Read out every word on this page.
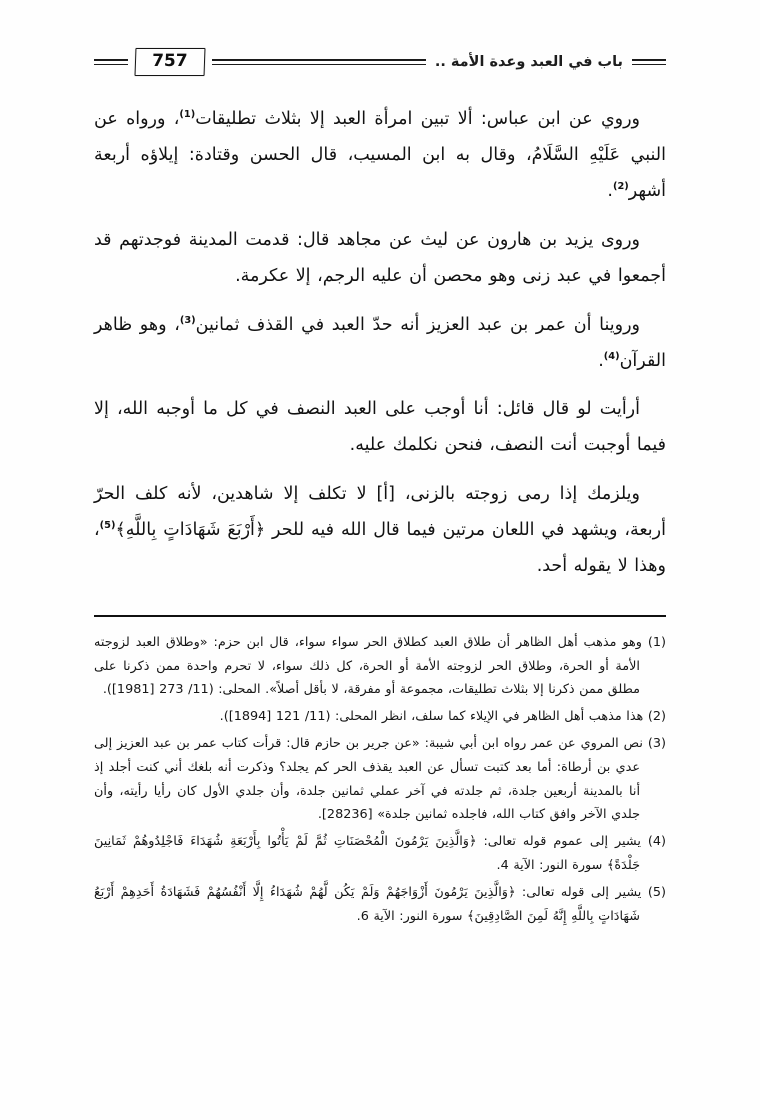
باب في العبد وعدة الأمة ..
757

وروي عن ابن عباس: ألا تبين امرأة العبد إلا بثلاث تطليقات$^{(1)}$، ورواه عن النبي عَلَيْهِ السَّلَامُ، وقال به ابن المسيب، قال الحسن وقتادة: إيلاؤه أربعة أشهر$^{(2)}$.

وروى يزيد بن هارون عن ليث عن مجاهد قال: قدمت المدينة فوجدتهم قد أجمعوا في عبد زنى وهو محصن أن عليه الرجم، إلا عكرمة.

وروينا أن عمر بن عبد العزيز أنه حدّ العبد في القذف ثمانين$^{(3)}$، وهو ظاهر القرآن$^{(4)}$.

أرأيت لو قال قائل: أنا أوجب على العبد النصف في كل ما أوجبه الله، إلا فيما أوجبت أنت النصف، فنحن نكلمك عليه.

ويلزمك إذا رمى زوجته بالزنى، [أ] لا تكلف إلا شاهدين، لأنه كلف الحرّ أربعة، ويشهد في اللعان مرتين فيما قال الله فيه للحر ﴿أَرْبَعَ شَهَادَاتٍ بِاللَّهِ﴾$^{(5)}$، وهذا لا يقوله أحد.

(1) وهو مذهب أهل الظاهر أن طلاق العبد كطلاق الحر سواء سواء، قال ابن حزم: «وطلاق العبد لزوجته الأمة أو الحرة، وطلاق الحر لزوجته الأمة أو الحرة، كل ذلك سواء، لا تحرم واحدة ممن ذكرنا على مطلق ممن ذكرنا إلا بثلاث تطليقات، مجموعة أو مفرقة، لا بأقل أصلاً». المحلى: (11/ 273 [1981]).

(2) هذا مذهب أهل الظاهر في الإيلاء كما سلف، انظر المحلى: (11/ 121 [1894]).

(3) نص المروي عن عمر رواه ابن أبي شيبة: «عن جرير بن حازم قال: قرأت كتاب عمر بن عبد العزيز إلى عدي بن أرطاة: أما بعد كتبت تسأل عن العبد يقذف الحر كم يجلد؟ وذكرت أنه بلغك أني كنت أجلد إذ أنا بالمدينة أربعين جلدة، ثم جلدته في آخر عملي ثمانين جلدة، وأن جلدي الأول كان رأيا رأيته، وأن جلدي الآخر وافق كتاب الله، فاجلده ثمانين جلدة» [28236].

(4) يشير إلى عموم قوله تعالى: ﴿وَالَّذِينَ يَرْمُونَ الْمُحْصَنَاتِ ثُمَّ لَمْ يَأْتُوا بِأَرْبَعَةِ شُهَدَاءَ فَاجْلِدُوهُمْ ثَمَانِينَ جَلْدَةً﴾ سورة النور: الآية 4.

(5) يشير إلى قوله تعالى: ﴿وَالَّذِينَ يَرْمُونَ أَزْوَاجَهُمْ وَلَمْ يَكُن لَّهُمْ شُهَدَاءُ إِلَّا أَنْفُسُهُمْ فَشَهَادَةُ أَحَدِهِمْ أَرْبَعُ شَهَادَاتٍ بِاللَّهِ إِنَّهُ لَمِنَ الصَّادِقِينَ﴾ سورة النور: الآية 6.
